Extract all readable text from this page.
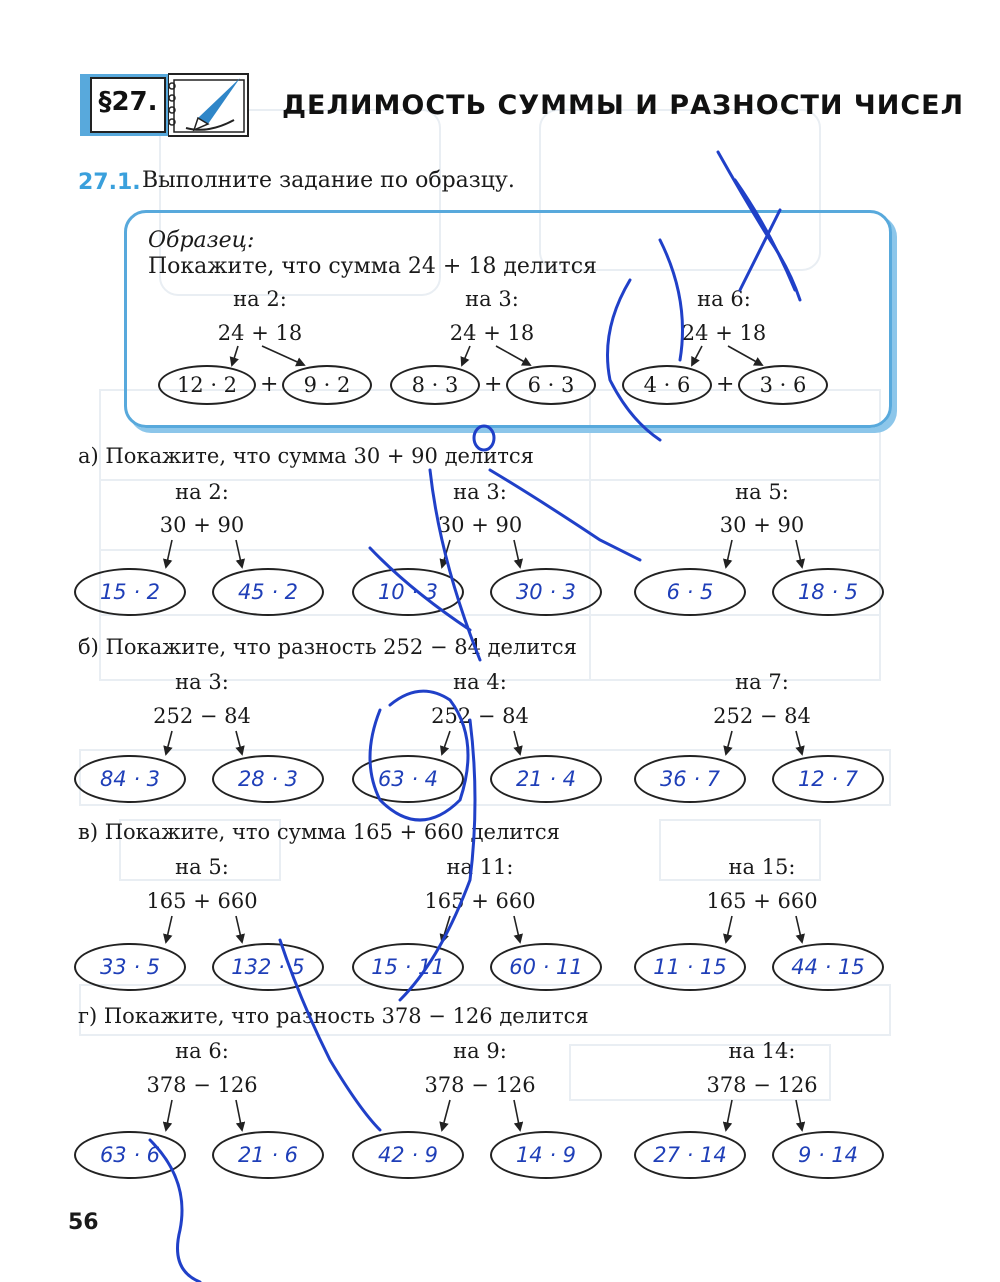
§27.	ДЕЛИМОСТЬ СУММЫ И РАЗНОСТИ ЧИСЕЛ
27.1. Выполните задание по образцу.
Образец:
Покажите, что сумма 24 + 18 делится
на 2:	на 3:	на 6:
24 + 18	24 + 18	24 + 18
12 · 2	+	9 · 2	8 · 3	+	6 · 3	4 · 6	+	3 · 6
а) Покажите, что сумма 30 + 90 делится
на 2:	на 3:	на 5:
30 + 90	30 + 90	30 + 90
15 · 2	45 · 2	10 · 3	30 · 3	6 · 5	18 · 5
б) Покажите, что разность 252 − 84 делится
на 3:	на 4:	на 7:
252 − 84	252 − 84	252 − 84
84 · 3	28 · 3	63 · 4	21 · 4	36 · 7	12 · 7
в) Покажите, что сумма 165 + 660 делится
на 5:	на 11:	на 15:
165 + 660	165 + 660	165 + 660
33 · 5	132 · 5	15 · 11	60 · 11	11 · 15	44 · 15
г) Покажите, что разность 378 − 126 делится
на 6:	на 9:	на 14:
378 − 126	378 − 126	378 − 126
63 · 6	21 · 6	42 · 9	14 · 9	27 · 14	9 · 14
56
